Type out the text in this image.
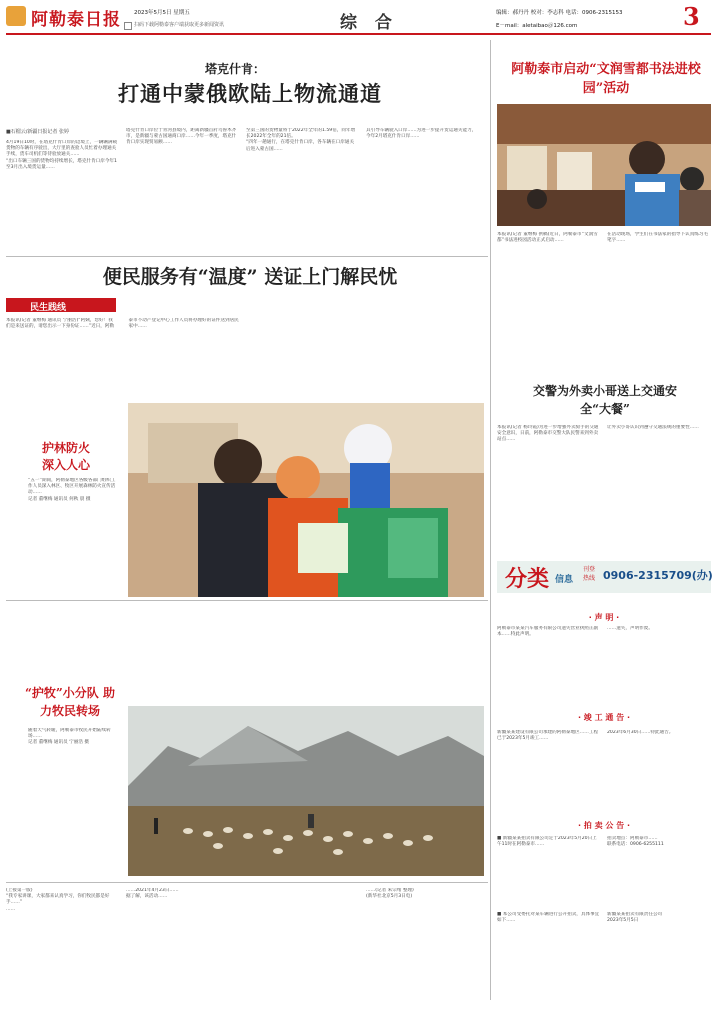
阿勒泰日报 2023年5月5日 星期五
扫码下载阿勒泰客户端获取更多新闻资讯	综 合	编辑：郝丹丹 校对：李志科 电话：0906-2315153
E－mail：aletaibao＠126.com	3
塔克什肯：
打通中蒙俄欧陆上物流通道
■石榴云/新疆日报记者 张婷
4月19日10时，在塔克什肯口岸的边境上，一辆辆满载货物的车辆有序驶出，大厅里的查验人员忙着办理通关手续，货车司机们等待验放通关……
“出口车辆三国的货物均持续增长，塔克什肯口岸今年1至3月出入境货运量……
塔克什肯口岸位于青河县境内，距离新疆首府乌鲁木齐市，是新疆与蒙古国通商口岸……今年一季度，塔克什肯口岸实现贸易额……
至第三国的货物量将于2022年全年的1.59倍，同年增长2022年全年的21倍。
“四年一趟通行，在塔克什肯口岸，各车辆在口岸通关后进入蒙古国……
其引导车辆驶入口岸……为进一步提升货运通关能力，今年2月塔克什肯口岸……
阿勒泰市启动“文润雪都书法进校园”活动
本报讯(记者 董继梅 供稿)近日，阿勒泰市“文润雪都”书法进校园活动正式启动……
在活动现场，学生们在书法家的指导下认真练习毛笔字……
便民服务有“温度” 送证上门解民忧
民生践线
本报讯(记者 董继梅 通讯员 宁丽浩)“阿姨，您好！我们是来送证的，请您出示一下身份证……”近日，阿勒泰市不动产登记中心工作人员将办理好的证件送到居民家中……
护林防火 深入人心
“五一”期间，阿勒泰地区各级各部门组织工作人员深入林区、牧区开展森林防火宣传活动……
记者 董继梅 通讯员 何秋 晨 摄
交警为外卖小哥送上交通安全“大餐”
本报讯(记者 杨玲霞)为进一步增强外卖骑手的交通安全意识，日前，阿勒泰市交警大队民警来到外卖站点……
让外卖小哥认识到遵守交通法规的重要性……
分类 信息
刊登
热线 0906-2315709(办)
· 声 明 ·
阿勒泰市某某汽车服务有限公司遗失营业执照正副本……特此声明。
……遗失，声明作废。
· 竣 工 通 告 ·
新疆某某建设有限公司承建的阿勒泰地区……工程已于2023年5月竣工……
2023年6月30日……特此通告。
· 拍 卖 公 告 ·
■ 新疆某某拍卖有限公司定于2023年5月20日上午11时在阿勒泰市……
拍卖地点：阿勒泰市……
联系电话：0906-6255111
■ 本公司受委托对某车辆进行公开拍卖，具体事宜如下……
新疆某某拍卖有限责任公司
2023年5月5日
“护牧”小分队 助力牧民转场
随着天气转暖，阿勒泰市牧民开始陆续转场……
记者 董继梅 通讯员 宁丽浩 摄
(上接第一版)
“我专家讲课，大家都来认真学习，你们牧民都是好手……”
……
……2021年4月23日……
据了解，该活动……
……(记者 朱宗绪 整理)
(新华社北京5月3日电)
